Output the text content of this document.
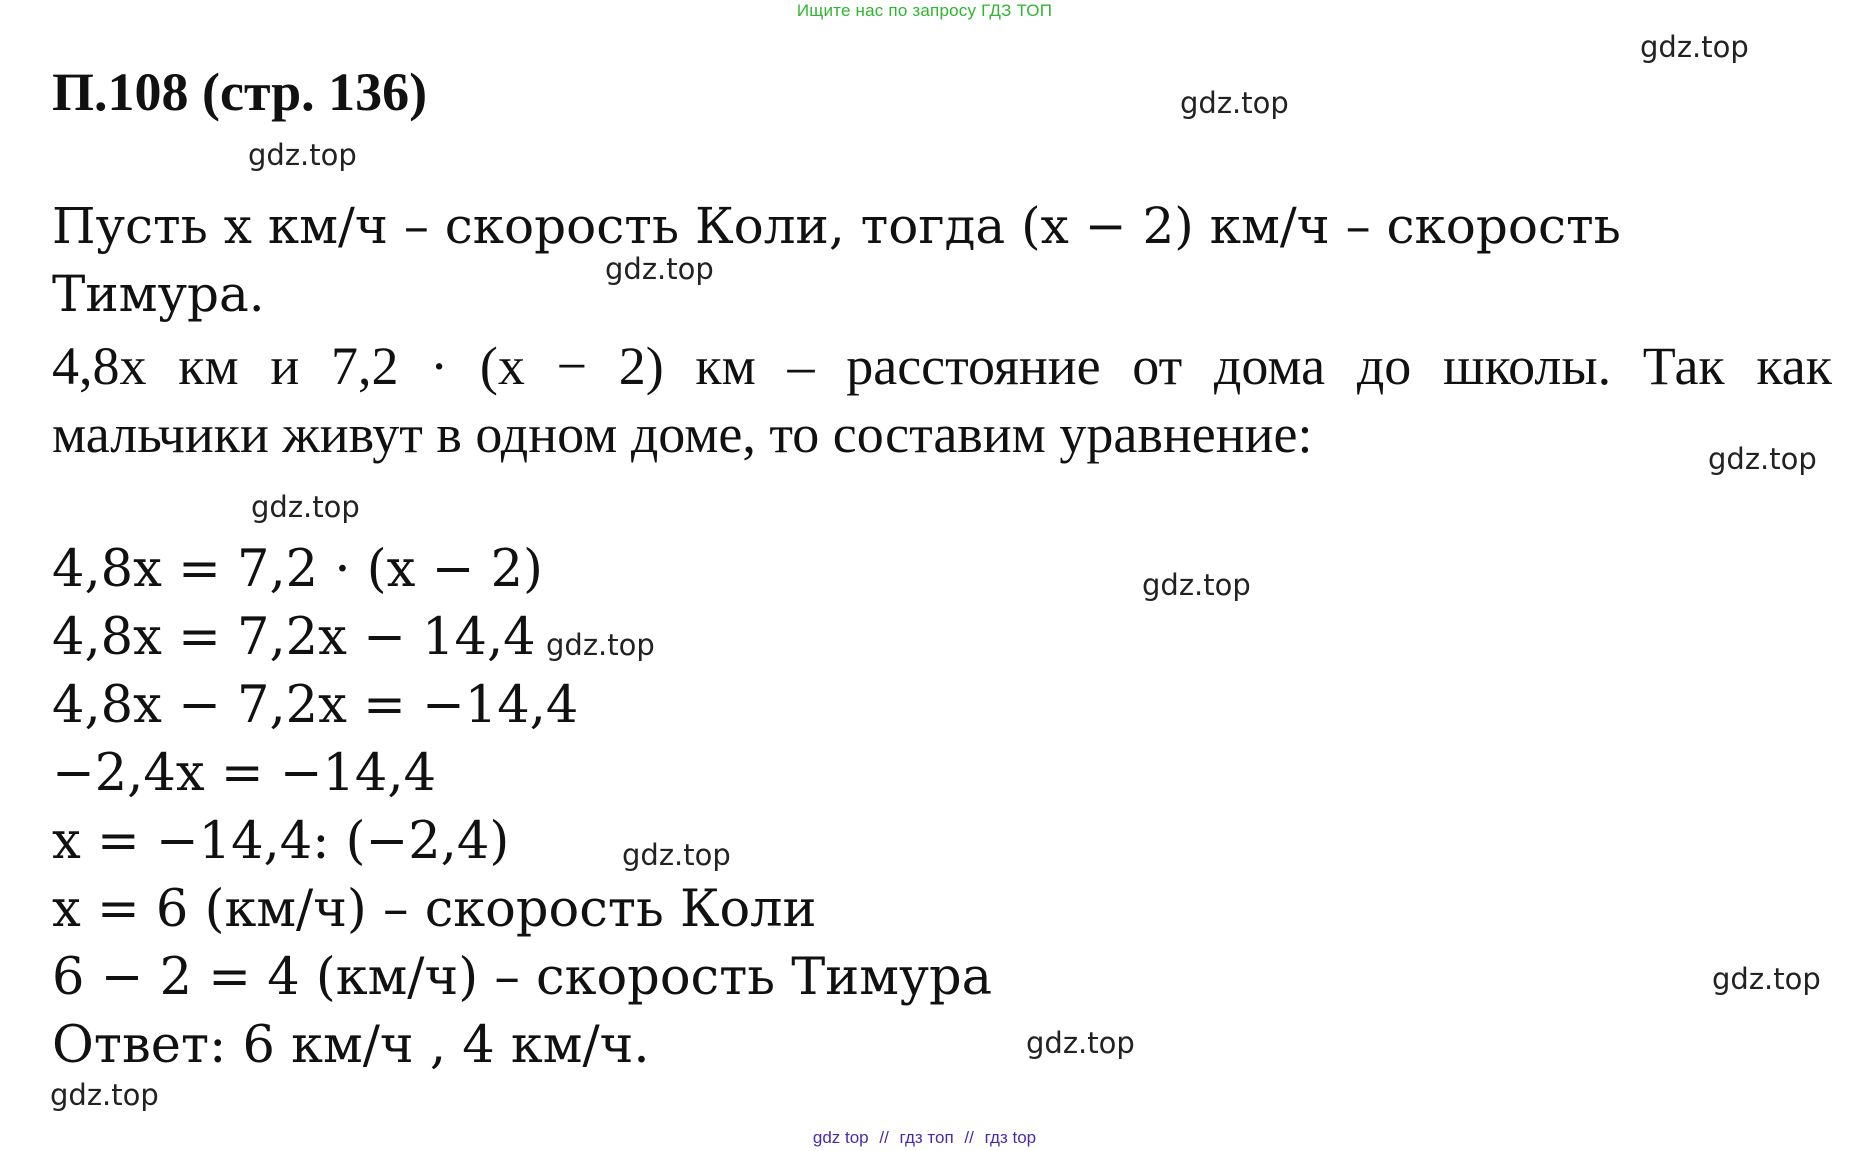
Ищите нас по запросу ГДЗ ТОП
П.108 (стр. 136)
gdz.top
gdz.top
gdz.top
gdz.top
gdz.top
gdz.top
gdz.top
gdz.top
gdz.top
gdz.top
gdz.top
gdz.top
Пусть x км/ч – скорость Коли, тогда (x − 2) км/ч – скорость
Тимура.
4,8x км и 7,2 · (x − 2) км – расстояние от дома до школы. Так как
мальчики живут в одном доме, то составим уравнение:
4,8x = 7,2 · (x − 2)
4,8x = 7,2x − 14,4
4,8x − 7,2x = −14,4
−2,4x = −14,4
x = −14,4: (−2,4)
x = 6 (км/ч) – скорость Коли
6 − 2 = 4 (км/ч) – скорость Тимура
Ответ: 6 км/ч , 4 км/ч.
gdz top // гдз топ // гдз top
